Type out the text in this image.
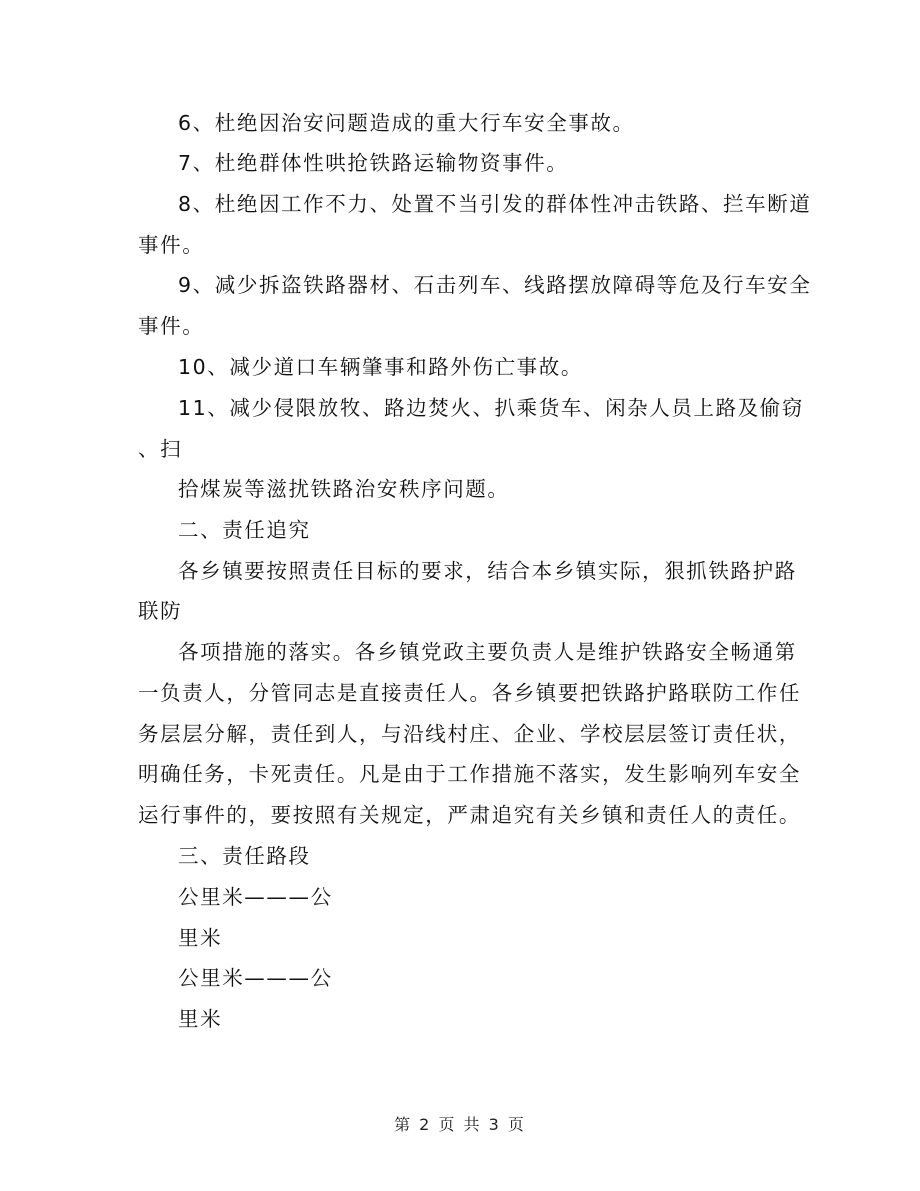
6、杜绝因治安问题造成的重大行车安全事故。
7、杜绝群体性哄抢铁路运输物资事件。
8、杜绝因工作不力、处置不当引发的群体性冲击铁路、拦车断道
事件。
9、减少拆盗铁路器材、石击列车、线路摆放障碍等危及行车安全
事件。
10、减少道口车辆肇事和路外伤亡事故。
11、减少侵限放牧、路边焚火、扒乘货车、闲杂人员上路及偷窃
、扫
拾煤炭等滋扰铁路治安秩序问题。
二、责任追究
各乡镇要按照责任目标的要求，结合本乡镇实际，狠抓铁路护路
联防
各项措施的落实。各乡镇党政主要负责人是维护铁路安全畅通第
一负责人，分管同志是直接责任人。各乡镇要把铁路护路联防工作任
务层层分解，责任到人，与沿线村庄、企业、学校层层签订责任状，
明确任务，卡死责任。凡是由于工作措施不落实，发生影响列车安全
运行事件的，要按照有关规定，严肃追究有关乡镇和责任人的责任。
三、责任路段
公里米———公
里米
公里米———公
里米
第 2 页 共 3 页
